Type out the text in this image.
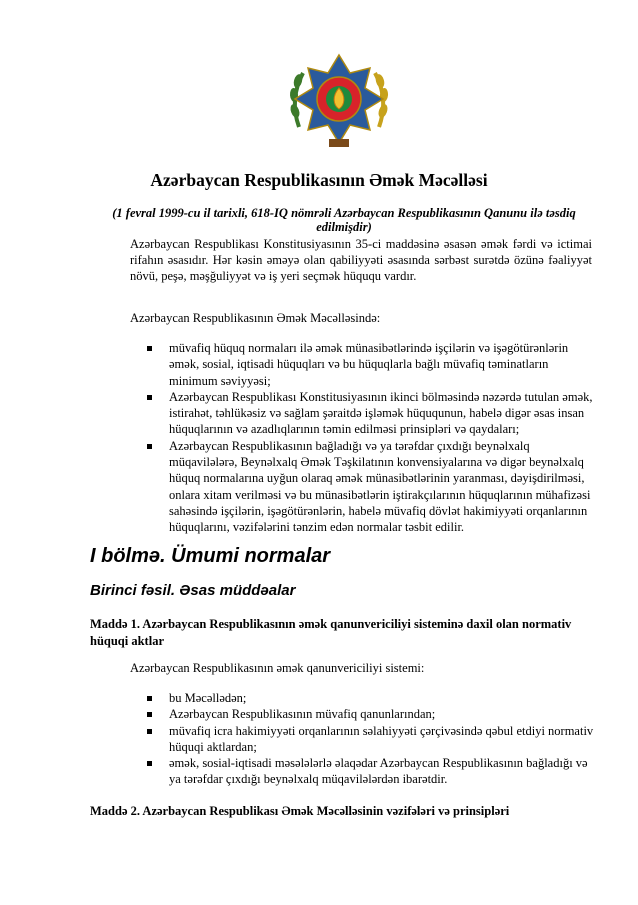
Azərbaycan Respublikasının Əmək Məcəlləsi
(1 fevral 1999-cu il tarixli, 618-IQ nömrəli Azərbaycan Respublikasının Qanunu ilə təsdiq edilmişdir)
Azərbaycan Respublikası Konstitusiyasının 35-ci maddəsinə əsasən əmək fərdi və ictimai rifahın əsasıdır. Hər kəsin əməyə olan qabiliyyəti əsasında sərbəst surətdə özünə fəaliyyət növü, peşə, məşğuliyyət və iş yeri seçmək hüququ vardır.
Azərbaycan Respublikasının Əmək Məcəlləsində:
müvafiq hüquq normaları ilə əmək münasibətlərində işçilərin və işəgötürənlərin əmək, sosial, iqtisadi hüquqları və bu hüquqlarla bağlı müvafiq təminatların minimum səviyyəsi;
Azərbaycan Respublikası Konstitusiyasının ikinci bölməsində nəzərdə tutulan əmək, istirahət, təhlükəsiz və sağlam şəraitdə işləmək hüququnun, habelə digər əsas insan hüquqlarının və azadlıqlarının təmin edilməsi prinsipləri və qaydaları;
Azərbaycan Respublikasının bağladığı və ya tərəfdar çıxdığı beynəlxalq müqavilələrə, Beynəlxalq Əmək Təşkilatının konvensiyalarına və digər beynəlxalq hüquq normalarına uyğun olaraq əmək münasibətlərinin yaranması, dəyişdirilməsi, onlara xitam verilməsi və bu münasibətlərin iştirakçılarının hüquqlarının mühafizəsi sahəsində işçilərin, işəgötürənlərin, habelə müvafiq dövlət hakimiyyəti orqanlarının hüquqlarını, vəzifələrini tənzim edən normalar təsbit edilir.
I bölmə. Ümumi normalar
Birinci fəsil. Əsas müddəalar
Maddə 1. Azərbaycan Respublikasının əmək qanunvericiliyi sisteminə daxil olan normativ hüquqi aktlar
Azərbaycan Respublikasının əmək qanunvericiliyi sistemi:
bu Məcəllədən;
Azərbaycan Respublikasının müvafiq qanunlarından;
müvafiq icra hakimiyyəti orqanlarının səlahiyyəti çərçivəsində qəbul etdiyi normativ hüquqi aktlardan;
əmək, sosial-iqtisadi məsələlərlə əlaqədar Azərbaycan Respublikasının bağladığı və ya tərəfdar çıxdığı beynəlxalq müqavilələrdən ibarətdir.
Maddə 2. Azərbaycan Respublikası Əmək Məcəlləsinin vəzifələri və prinsipləri
